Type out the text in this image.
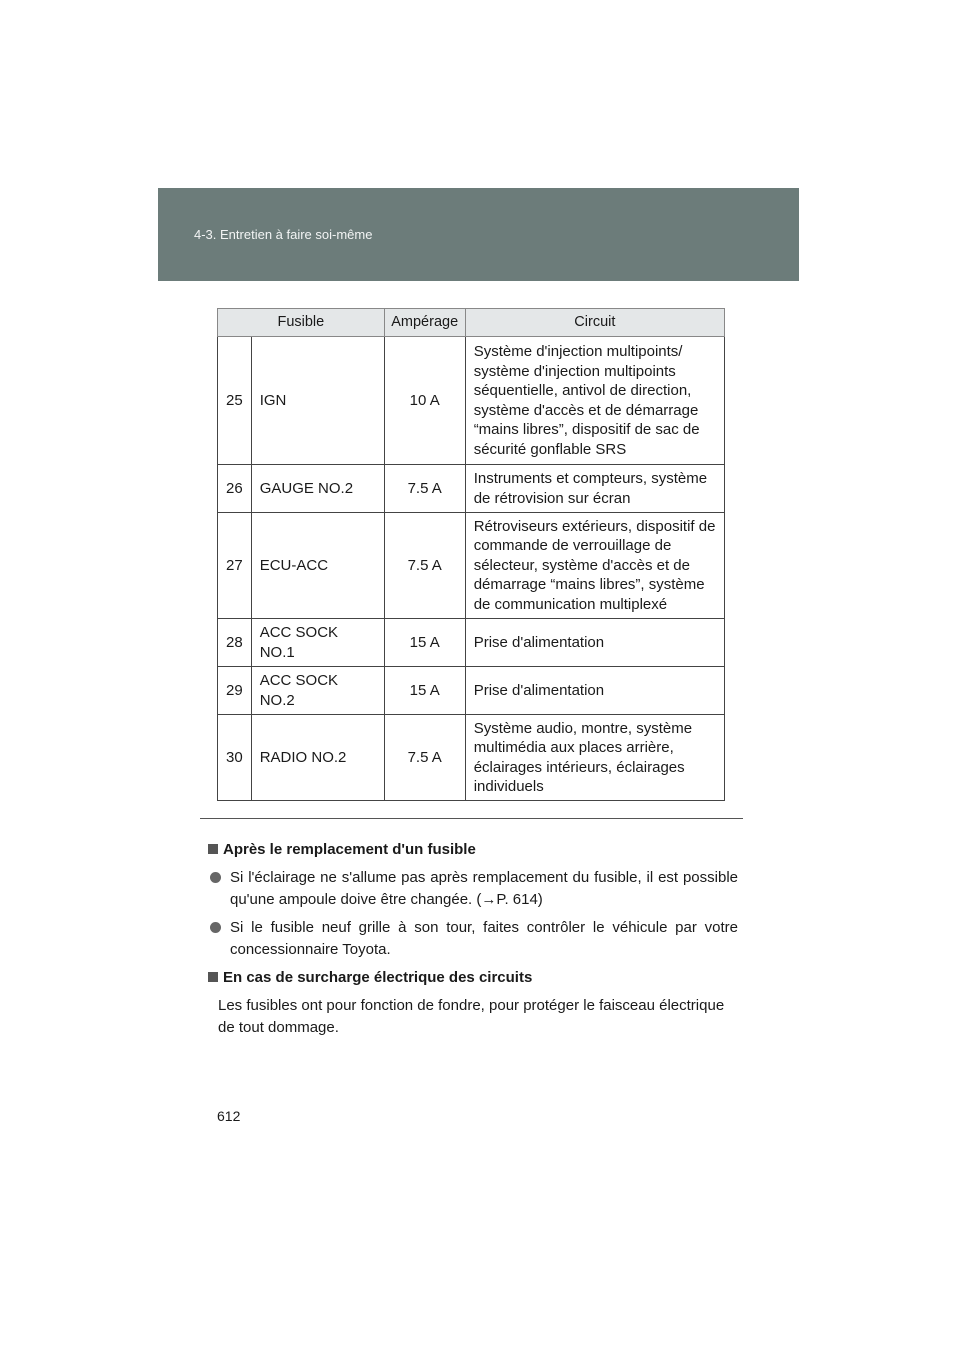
4-3. Entretien à faire soi-même
Fusible		Ampérage	Circuit
25	IGN	10 A	Système d'injection multipoints/ système d'injection multipoints séquentielle, antivol de direction, système d'accès et de démarrage “mains libres”, dispositif de sac de sécurité gonflable SRS
26	GAUGE NO.2	7.5 A	Instruments et compteurs, système de rétrovision sur écran
27	ECU-ACC	7.5 A	Rétroviseurs extérieurs, dispositif de commande de verrouillage de sélecteur, système d'accès et de démarrage “mains libres”, système de communication multiplexé
28	ACC SOCK NO.1	15 A	Prise d'alimentation
29	ACC SOCK NO.2	15 A	Prise d'alimentation
30	RADIO NO.2	7.5 A	Système audio, montre, système multimédia aux places arrière, éclairages intérieurs, éclairages individuels
Après le remplacement d'un fusible
Si l'éclairage ne s'allume pas après remplacement du fusible, il est possible qu'une ampoule doive être changée. (→P. 614)
Si le fusible neuf grille à son tour, faites contrôler le véhicule par votre concessionnaire Toyota.
En cas de surcharge électrique des circuits
Les fusibles ont pour fonction de fondre, pour protéger le faisceau électrique de tout dommage.
612
